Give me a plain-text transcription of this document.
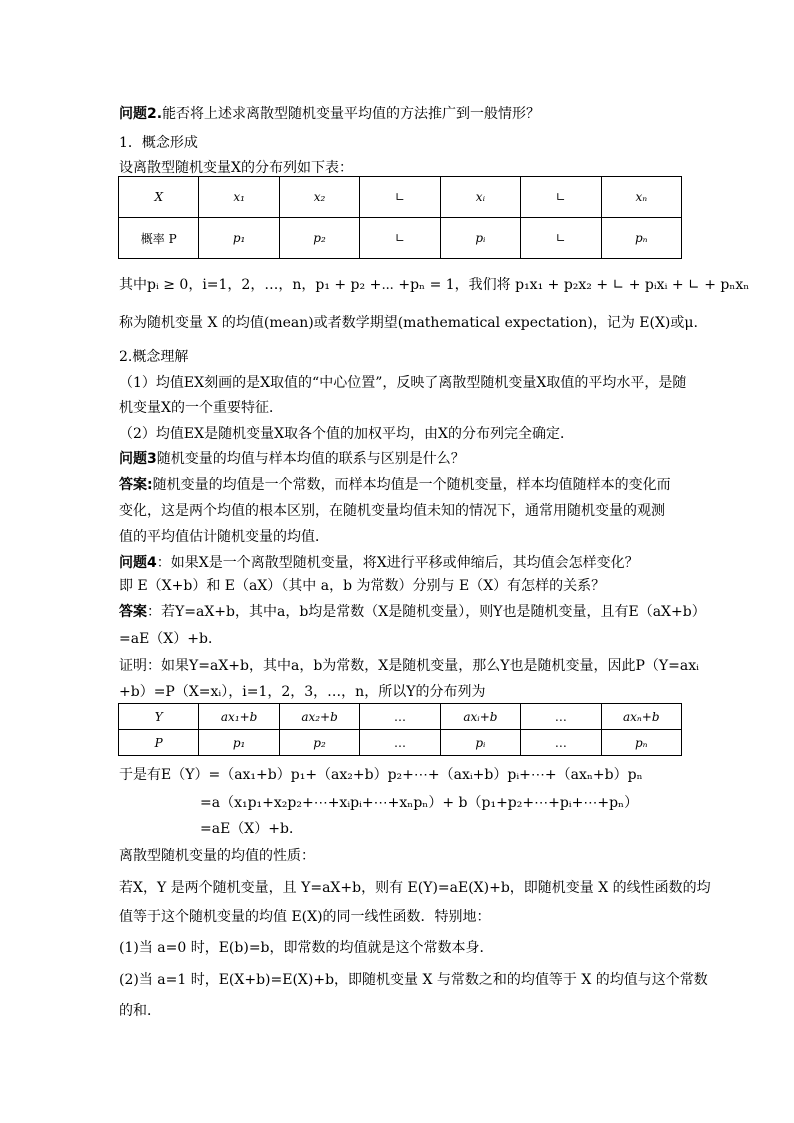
问题2.能否将上述求离散型随机变量平均值的方法推广到一般情形？
1．概念形成
设离散型随机变量X的分布列如下表：
X	x₁	x₂	∟	xᵢ	∟	xₙ
概率 P	p₁	p₂	∟	pᵢ	∟	pₙ
其中pᵢ ≥ 0，i=1，2，…，n，p₁ + p₂ +⋯ +pₙ = 1，我们将 p₁x₁ + p₂x₂ + ∟ + pᵢxᵢ + ∟ + pₙxₙ
称为随机变量 X 的均值(mean)或者数学期望(mathematical expectation)，记为 E(X)或μ.
2.概念理解
（1）均值EX刻画的是X取值的“中心位置”，反映了离散型随机变量X取值的平均水平，是随
机变量X的一个重要特征．
（2）均值EX是随机变量X取各个值的加权平均，由X的分布列完全确定．
问题3随机变量的均值与样本均值的联系与区别是什么？
答案:随机变量的均值是一个常数，而样本均值是一个随机变量，样本均值随样本的变化而
变化，这是两个均值的根本区别，在随机变量均值未知的情况下，通常用随机变量的观测
值的平均值估计随机变量的均值．
问题4：如果X是一个离散型随机变量，将X进行平移或伸缩后，其均值会怎样变化？
即 E（X+b）和 E（aX）（其中 a，b 为常数）分别与 E（X）有怎样的关系？
答案：若Y=aX+b，其中a，b均是常数（X是随机变量），则Y也是随机变量，且有E（aX+b）
=aE（X）+b．
证明：如果Y=aX+b，其中a，b为常数，X是随机变量，那么Y也是随机变量，因此P（Y=axᵢ
+b）=P（X=xᵢ），i=1，2，3，…，n，所以Y的分布列为
Y	ax₁+b	ax₂+b	…	axᵢ+b	…	axₙ+b
P	p₁	p₂	…	pᵢ	…	pₙ
于是有E（Y）=（ax₁+b）p₁+（ax₂+b）p₂+⋯+（axᵢ+b）pᵢ+⋯+（axₙ+b）pₙ
=a（x₁p₁+x₂p₂+⋯+xᵢpᵢ+⋯+xₙpₙ）+ b（p₁+p₂+⋯+pᵢ+⋯+pₙ）
=aE（X）+b．
离散型随机变量的均值的性质：
若X，Y 是两个随机变量，且 Y=aX+b，则有 E(Y)=aE(X)+b，即随机变量 X 的线性函数的均
值等于这个随机变量的均值 E(X)的同一线性函数．特别地：
(1)当 a=0 时，E(b)=b，即常数的均值就是这个常数本身．
(2)当 a=1 时，E(X+b)=E(X)+b，即随机变量 X 与常数之和的均值等于 X 的均值与这个常数
的和．
